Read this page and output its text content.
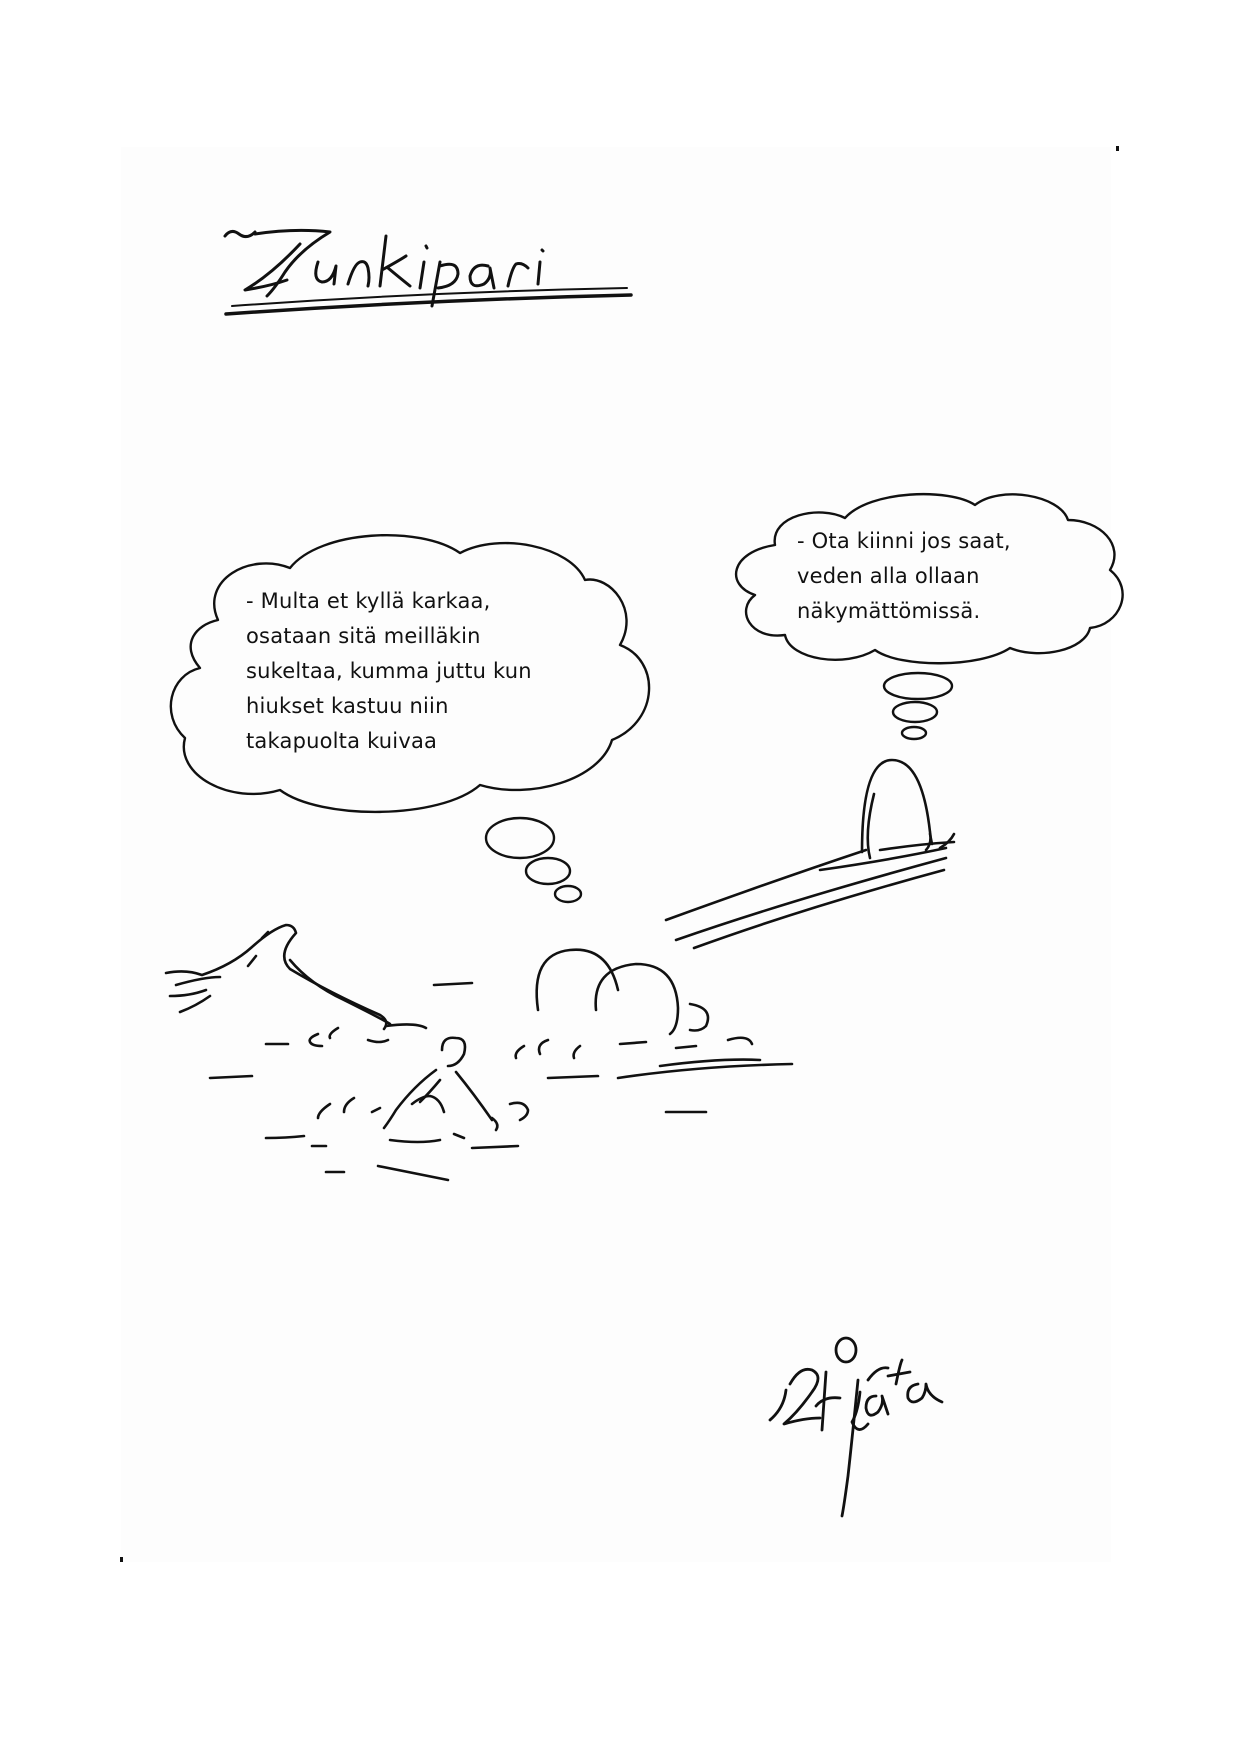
- Multa et kyllä karkaa,
osataan sitä meilläkin
sukeltaa, kumma juttu kun
hiukset kastuu niin
takapuolta kuivaa
- Ota kiinni jos saat,
veden alla ollaan
näkymättömissä.
